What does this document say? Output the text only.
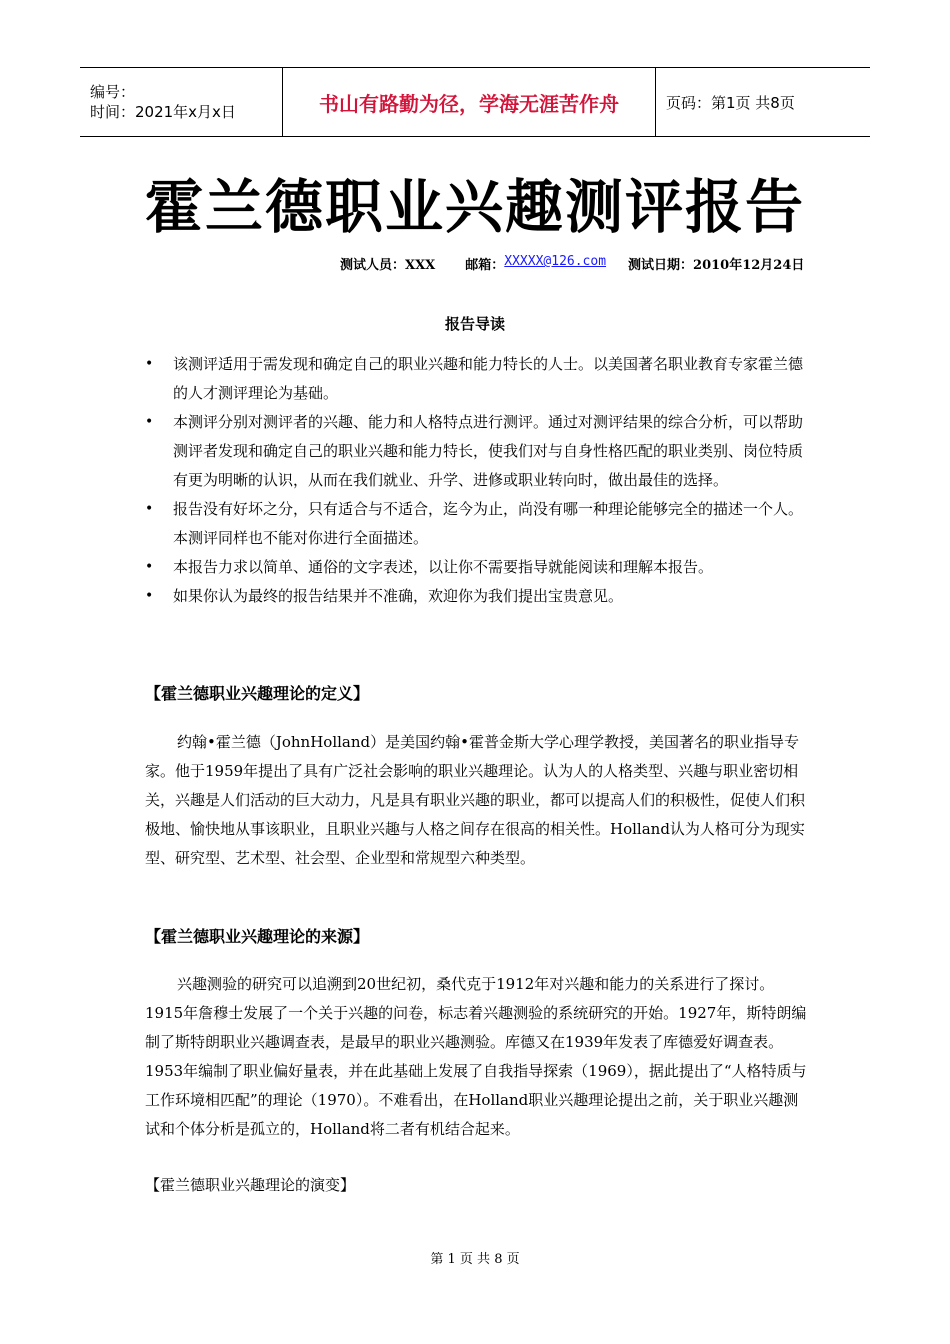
编号：
时间：2021年x月x日	书山有路勤为径，学海无涯苦作舟	页码：第1页 共8页
霍兰德职业兴趣测评报告
测试人员：XXX 邮箱： XXXXX@126.com 测试日期：2010年12月24日
报告导读
• 该测评适用于需发现和确定自己的职业兴趣和能力特长的人士。以美国著名职业教育专家霍兰德的人才测评理论为基础。
• 本测评分别对测评者的兴趣、能力和人格特点进行测评。通过对测评结果的综合分析，可以帮助测评者发现和确定自己的职业兴趣和能力特长，使我们对与自身性格匹配的职业类别、岗位特质有更为明晰的认识，从而在我们就业、升学、进修或职业转向时，做出最佳的选择。
• 报告没有好坏之分，只有适合与不适合，迄今为止，尚没有哪一种理论能够完全的描述一个人。本测评同样也不能对你进行全面描述。
• 本报告力求以简单、通俗的文字表述，以让你不需要指导就能阅读和理解本报告。
• 如果你认为最终的报告结果并不准确，欢迎你为我们提出宝贵意见。
【霍兰德职业兴趣理论的定义】

约翰•霍兰德（JohnHolland）是美国约翰•霍普金斯大学心理学教授，美国著名的职业指导专家。他于1959年提出了具有广泛社会影响的职业兴趣理论。认为人的人格类型、兴趣与职业密切相关，兴趣是人们活动的巨大动力，凡是具有职业兴趣的职业，都可以提高人们的积极性，促使人们积极地、愉快地从事该职业，且职业兴趣与人格之间存在很高的相关性。Holland认为人格可分为现实型、研究型、艺术型、社会型、企业型和常规型六种类型。

【霍兰德职业兴趣理论的来源】

兴趣测验的研究可以追溯到20世纪初，桑代克于1912年对兴趣和能力的关系进行了探讨。1915年詹穆士发展了一个关于兴趣的问卷，标志着兴趣测验的系统研究的开始。1927年，斯特朗编制了斯特朗职业兴趣调查表，是最早的职业兴趣测验。库德又在1939年发表了库德爱好调查表。 1953年编制了职业偏好量表，并在此基础上发展了自我指导探索（1969），据此提出了“人格特质与工作环境相匹配”的理论（1970）。不难看出，在Holland职业兴趣理论提出之前，关于职业兴趣测试和个体分析是孤立的，Holland将二者有机结合起来。

【霍兰德职业兴趣理论的演变】
第 1 页 共 8 页
